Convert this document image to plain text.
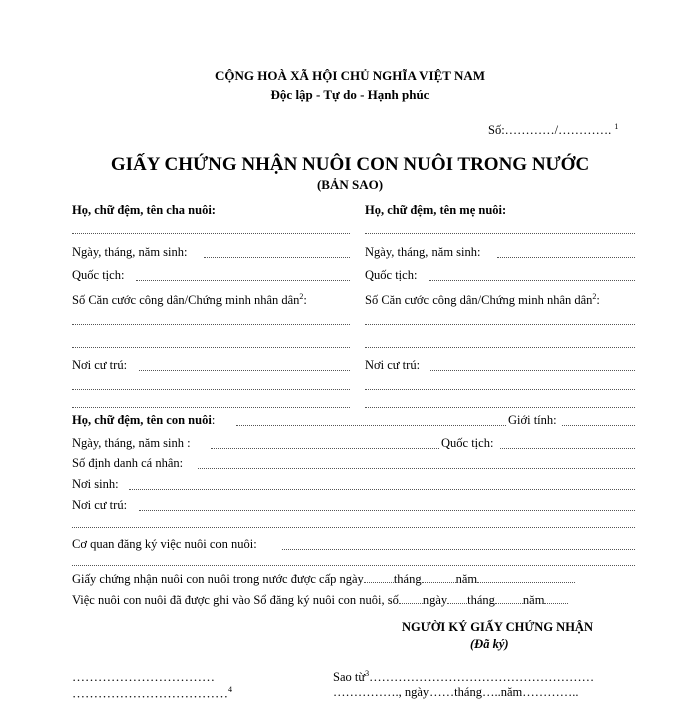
CỘNG HOÀ XÃ HỘI CHỦ NGHĨA VIỆT NAM
Độc lập - Tự do - Hạnh phúc
Số:…………/…………. $^1$
GIẤY CHỨNG NHẬN NUÔI CON NUÔI TRONG NƯỚC
(BẢN SAO)
Họ, chữ đệm, tên cha nuôi:
Ngày, tháng, năm sinh:
Quốc tịch:
Số Căn cước công dân/Chứng minh nhân dân$^2$:
Nơi cư trú:
Họ, chữ đệm, tên mẹ nuôi:
Ngày, tháng, năm sinh:
Quốc tịch:
Số Căn cước công dân/Chứng minh nhân dân$^2$:
Nơi cư trú:
Họ, chữ đệm, tên con nuôi:	Giới tính:
Ngày, tháng, năm sinh :	Quốc tịch:
Số định danh cá nhân:
Nơi sinh:
Nơi cư trú:
Cơ quan đăng ký việc nuôi con nuôi:
Giấy chứng nhận nuôi con nuôi trong nước được cấp ngày tháng	năm
Việc nuôi con nuôi đã được ghi vào Sổ đăng ký nuôi con nuôi, số ngày tháng năm
NGƯỜI KÝ GIẤY CHỨNG NHẬN
(Đã ký)
……………………………
………………………………$^4$
Sao từ$^3$………………………………………………
……………., ngày……tháng…..năm…………..
